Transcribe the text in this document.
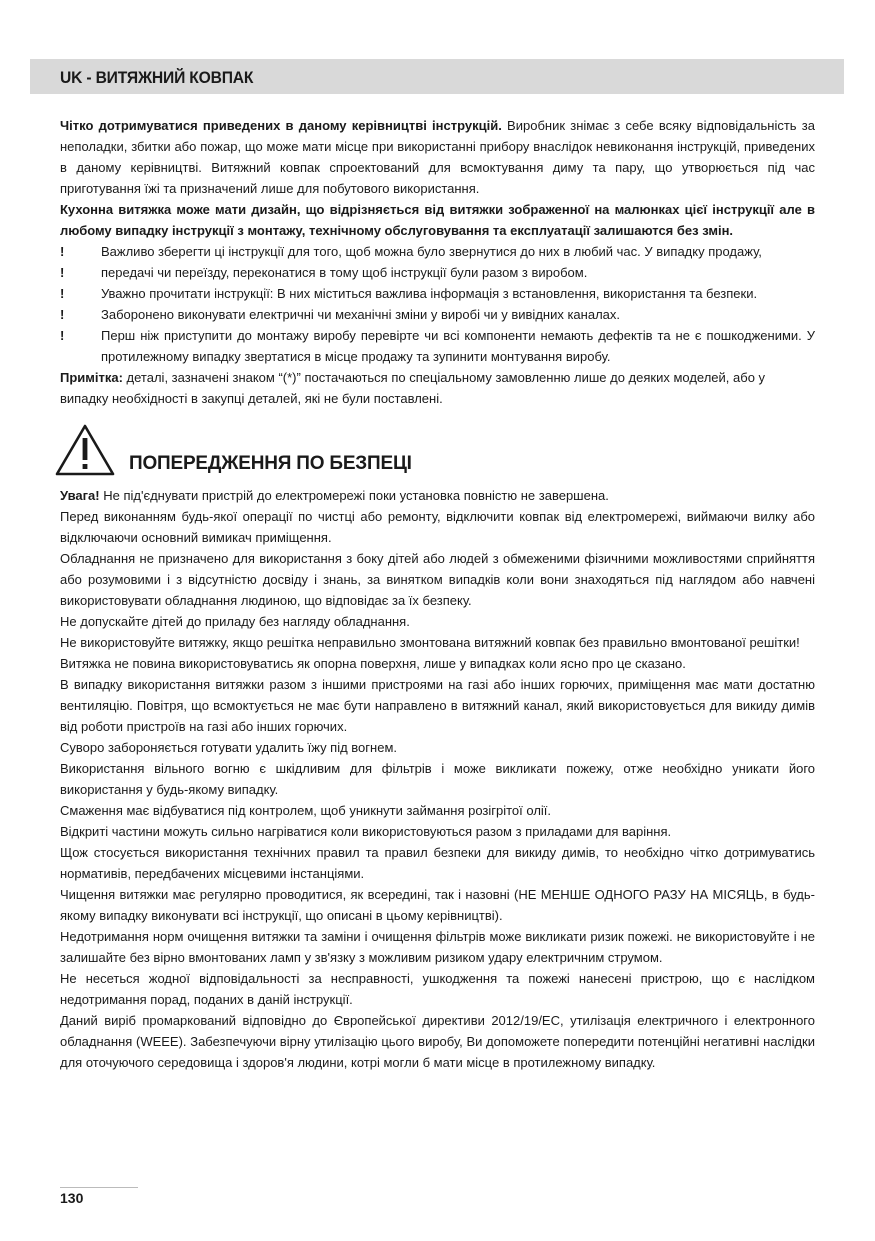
UK - ВИТЯЖНИЙ КОВПАК

Чітко дотримуватися приведених в даному керівництві інструкцій. Виробник знімає з себе всяку відповідальність за неполадки, збитки або пожар, що може мати місце при використанні прибору внаслідок невиконання інструкцій, приведених в даному керівництві. Витяжний ковпак спроектований для всмоктування диму та пару, що утворюється під час приготування їжі та призначений лише для побутового використання.

Кухонна витяжка може мати дизайн, що відрізняється від витяжки зображенної на малюнках цієї інструкції але в любому випадку інструкції з монтажу, технічному обслуговування та експлуатації залишаются без змін.

!	Важливо зберегти ці інструкції для того, щоб можна було звернутися до них в любий час. У випадку продажу,
!	передачі чи переїзду, переконатися в тому щоб інструкції були разом з виробом.
!	Уважно прочитати інструкції: В них міститься важлива інформація з встановлення, використання та безпеки.
!	Заборонено виконувати електричні чи механічні зміни у виробі чи у вивідних каналах.
!	Перш ніж приступити до монтажу виробу перевірте чи всі компоненти немають дефектів та не є пошкодженими. У протилежному випадку звертатися в місце продажу та зупинити монтування виробу.

Примітка: деталі, зазначені знаком “(*)” постачаються по спеціальному замовленню лише до деяких моделей, або у

випадку необхідності в закупці деталей, які не були поставлені.

ПОПЕРЕДЖЕННЯ ПО БЕЗПЕЦІ

Увага! Не під'єднувати пристрій до електромережі поки установка повністю не завершена.

Перед виконанням будь-якої операції по чистці або ремонту, відключити ковпак від електромережі, виймаючи вилку або відключаючи основний вимикач приміщення.

Обладнання не призначено для використання з боку дітей або людей з обмеженими фізичними можливостями сприйняття або розумовими і з відсутністю досвіду і знань, за винятком випадків коли вони знаходяться під наглядом або навчені використовувати обладнання людиною, що відповідає за їх безпеку.

Не допускайте дітей до приладу без нагляду обладнання.

Не використовуйте витяжку, якщо решітка неправильно змонтована витяжний ковпак без правильно вмонтованої решітки!

Витяжка не повина використовуватись як опорна поверхня, лише у випадках коли ясно про це сказано.

В випадку використання витяжки разом з іншими пристроями на газі або інших горючих, приміщення має мати достатню вентиляцію. Повітря, що всмоктується не має бути направлено в витяжний канал, який використовується для викиду димів від роботи пристроїв на газі або інших горючих.

Суворо забороняється готувати удалить їжу під вогнем.

Використання вільного вогню є шкідливим для фільтрів і може викликати пожежу, отже необхідно уникати його використання у будь-якому випадку.

Смаження має відбуватися під контролем, щоб уникнути займання розігрітої олії.

Відкриті частини можуть сильно нагріватися коли використовуються разом з приладами для варіння.

Щож стосується використання технічних правил та правил безпеки для викиду димів, то необхідно чітко дотримуватись нормативів, передбачених місцевими інстанціями.

Чищення витяжки має регулярно проводитися, як всередині, так і назовні (НЕ МЕНШЕ ОДНОГО РАЗУ НА МІСЯЦЬ, в будь-якому випадку виконувати всі інструкції, що описані в цьому керівництві).

Недотримання норм очищення витяжки та заміни і очищення фільтрів може викликати ризик пожежі. не використовуйте і не залишайте без вірно вмонтованих ламп у зв'язку з можливим ризиком удару електричним струмом.

Не несеться жодної відповідальності за несправності, ушкодження та пожежі нанесені пристрою, що є наслідком недотримання порад, поданих в даній інструкції.

Даний виріб промаркований відповідно до Європейської директиви 2012/19/ЕС, утилізація електричного і електронного обладнання (WEEE). Забезпечуючи вірну утилізацію цього виробу, Ви допоможете попередити потенційні негативні наслідки для оточуючого середовища і здоров'я людини, котрі могли б мати місце в протилежному випадку.

130
